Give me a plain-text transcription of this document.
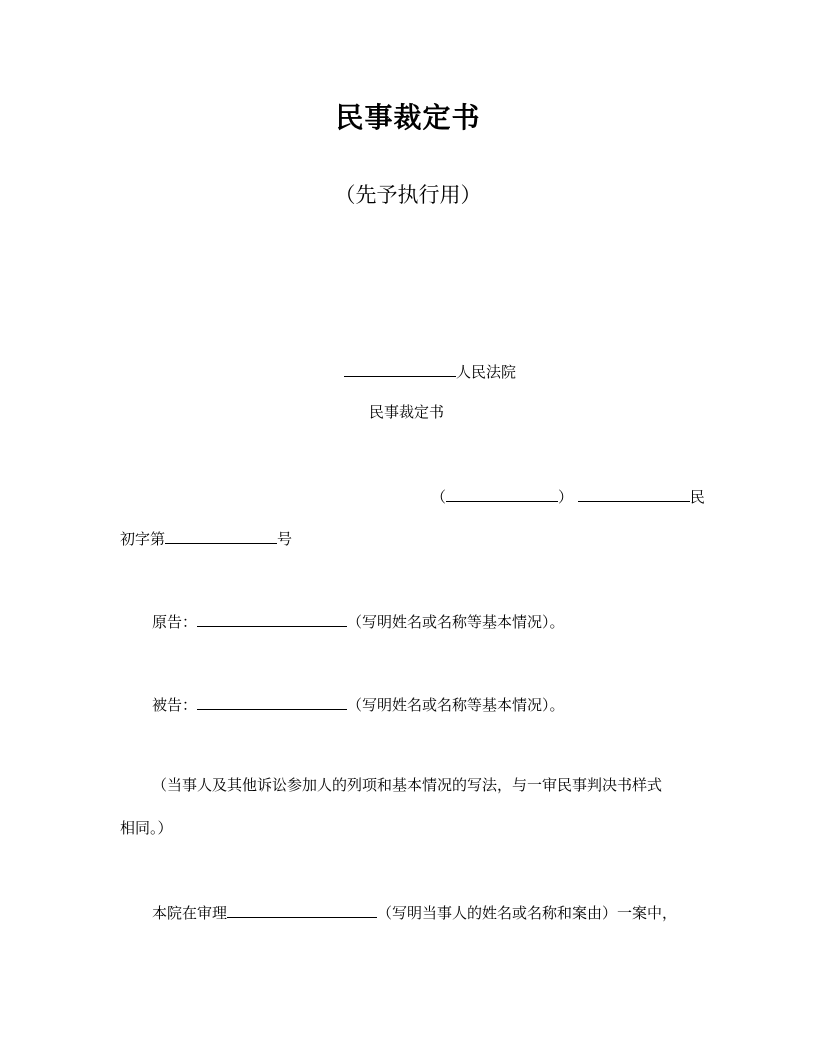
民事裁定书
（先予执行用）
人民法院
民事裁定书
（	）	民
初字第	号
原告：	（写明姓名或名称等基本情况）。
被告：	（写明姓名或名称等基本情况）。
（当事人及其他诉讼参加人的列项和基本情况的写法，与一审民事判决书样式
相同。）
本院在审理	（写明当事人的姓名或名称和案由）一案中，
